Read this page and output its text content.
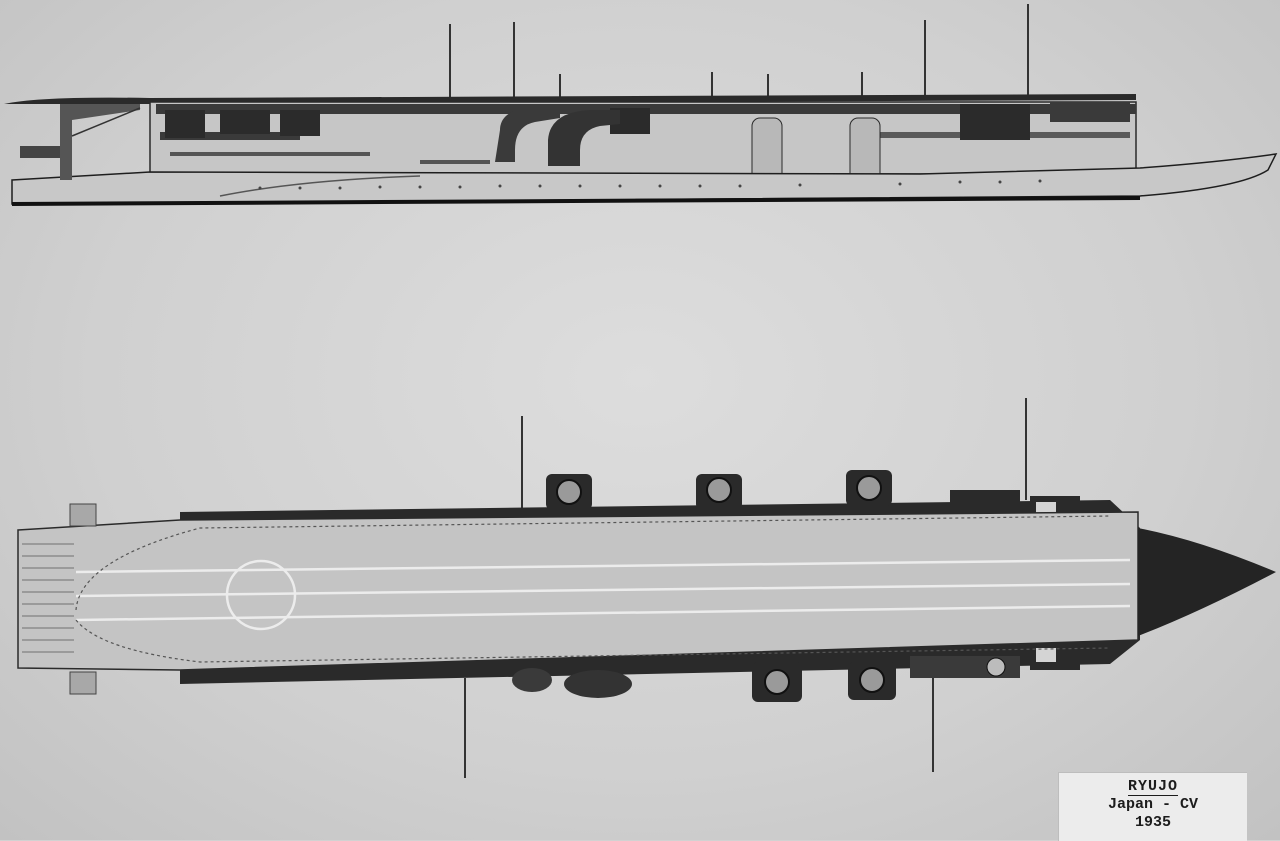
RYUJO
Japan - CV
1935
